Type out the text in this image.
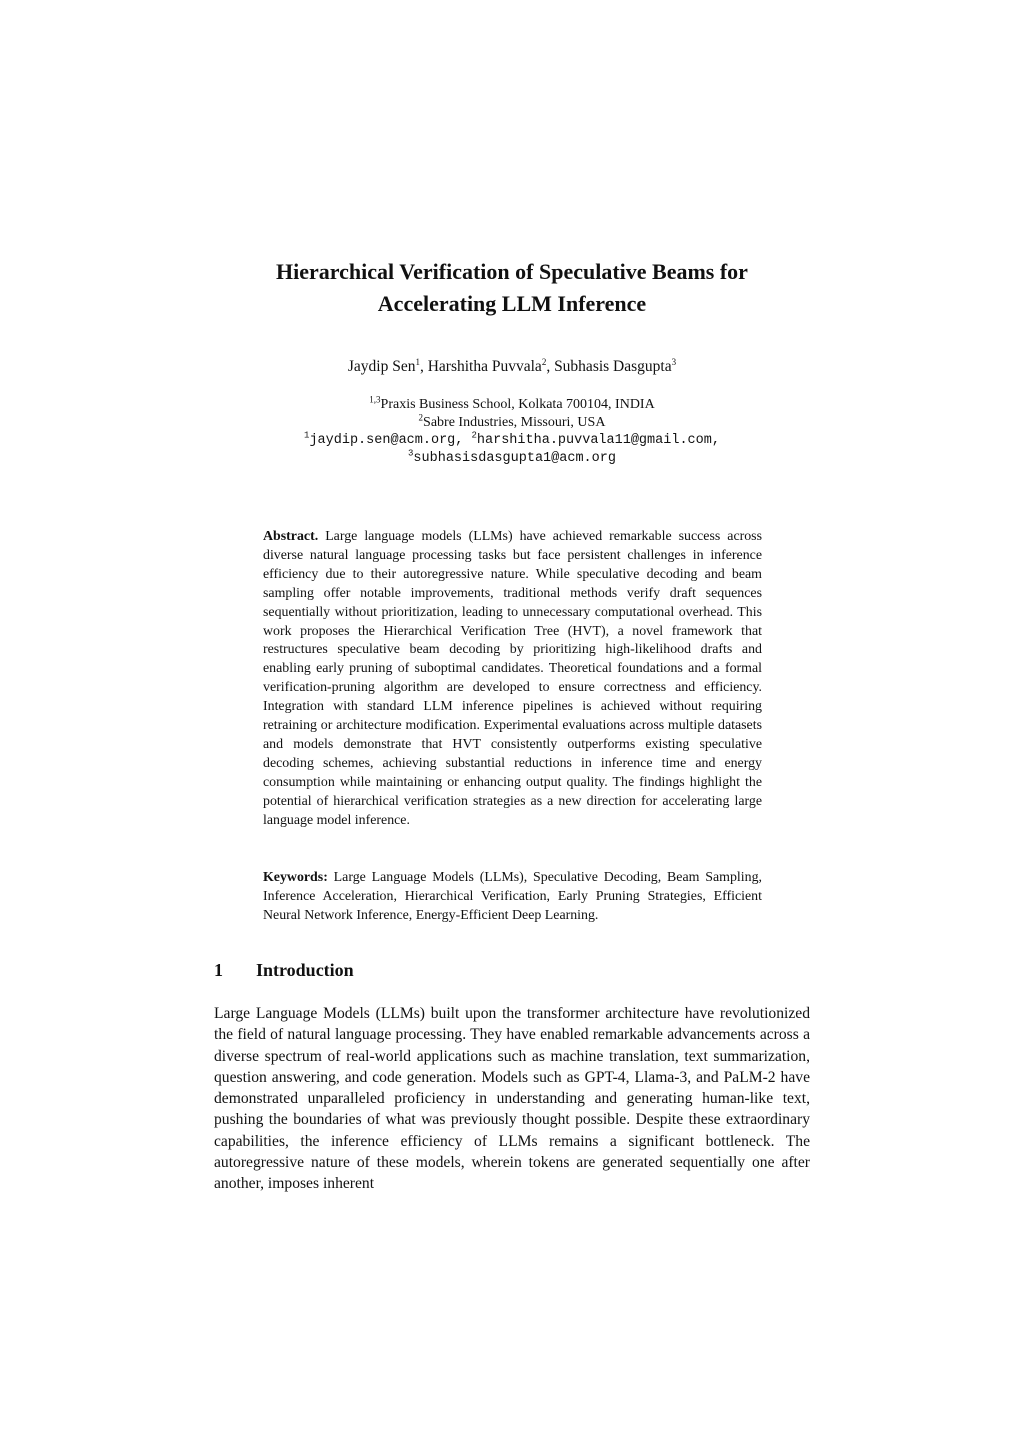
Hierarchical Verification of Speculative Beams for
Accelerating LLM Inference

Jaydip Sen$^1$, Harshitha Puvvala$^2$, Subhasis Dasgupta$^3$

$^{1,3}$Praxis Business School, Kolkata 700104, INDIA
$^2$Sabre Industries, Missouri, USA
$^1$jaydip.sen@acm.org, $^2$harshitha.puvvala11@gmail.com,
$^3$subhasisdasgupta1@acm.org

Abstract. Large language models (LLMs) have achieved remarkable success across diverse natural language processing tasks but face persistent challenges in inference efficiency due to their autoregressive nature. While speculative decoding and beam sampling offer notable improvements, traditional methods verify draft sequences sequentially without prioritization, leading to unnecessary computational overhead. This work proposes the Hierarchical Verification Tree (HVT), a novel framework that restructures speculative beam decoding by prioritizing high-likelihood drafts and enabling early pruning of suboptimal candidates. Theoretical foundations and a formal verification-pruning algorithm are developed to ensure correctness and efficiency. Integration with standard LLM inference pipelines is achieved without requiring retraining or architecture modification. Experimental evaluations across multiple datasets and models demonstrate that HVT consistently outperforms existing speculative decoding schemes, achieving substantial reductions in inference time and energy consumption while maintaining or enhancing output quality. The findings highlight the potential of hierarchical verification strategies as a new direction for accelerating large language model inference.

Keywords: Large Language Models (LLMs), Speculative Decoding, Beam Sampling, Inference Acceleration, Hierarchical Verification, Early Pruning Strategies, Efficient Neural Network Inference, Energy-Efficient Deep Learning.

1 Introduction

Large Language Models (LLMs) built upon the transformer architecture have revolutionized the field of natural language processing. They have enabled remarkable advancements across a diverse spectrum of real-world applications such as machine translation, text summarization, question answering, and code generation. Models such as GPT-4, Llama-3, and PaLM-2 have demonstrated unparalleled proficiency in understanding and generating human-like text, pushing the boundaries of what was previously thought possible. Despite these extraordinary capabilities, the inference efficiency of LLMs remains a significant bottleneck. The autoregressive nature of these models, wherein tokens are generated sequentially one after another, imposes inherent
